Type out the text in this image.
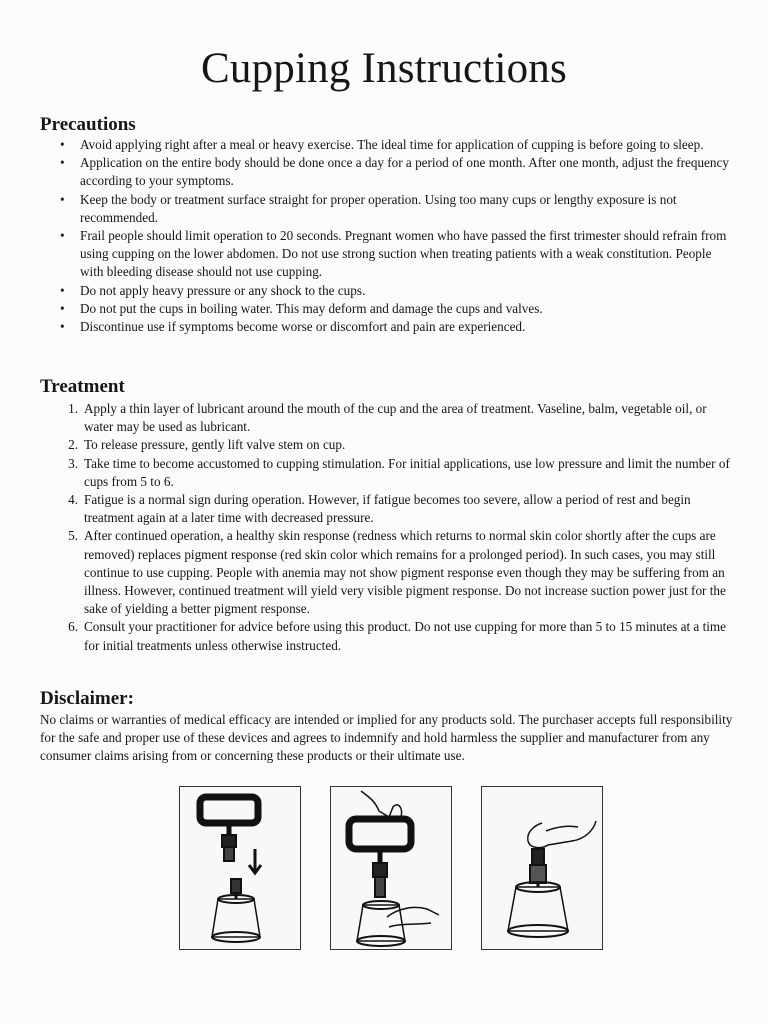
Cupping Instructions
Precautions
•	Avoid applying right after a meal or heavy exercise. The ideal time for application of cupping is before going to sleep.
•	Application on the entire body should be done once a day for a period of one month. After one month, adjust the frequency according to your symptoms.
•	Keep the body or treatment surface straight for proper operation. Using too many cups or lengthy exposure is not recommended.
•	Frail people should limit operation to 20 seconds. Pregnant women who have passed the first trimester should refrain from using cupping on the lower abdomen. Do not use strong suction when treating patients with a weak constitution. People with bleeding disease should not use cupping.
•	Do not apply heavy pressure or any shock to the cups.
•	Do not put the cups in boiling water. This may deform and damage the cups and valves.
•	Discontinue use if symptoms become worse or discomfort and pain are experienced.
Treatment
1. Apply a thin layer of lubricant around the mouth of the cup and the area of treatment. Vaseline, balm, vegetable oil, or water may be used as lubricant.
2. To release pressure, gently lift valve stem on cup.
3. Take time to become accustomed to cupping stimulation. For initial applications, use low pressure and limit the number of cups from 5 to 6.
4. Fatigue is a normal sign during operation. However, if fatigue becomes too severe, allow a period of rest and begin treatment again at a later time with decreased pressure.
5. After continued operation, a healthy skin response (redness which returns to normal skin color shortly after the cups are removed) replaces pigment response (red skin color which remains for a prolonged period). In such cases, you may still continue to use cupping. People with anemia may not show pigment response even though they may be suffering from an illness. However, continued treatment will yield very visible pigment response. Do not increase suction power just for the sake of yielding a better pigment response.
6. Consult your practitioner for advice before using this product. Do not use cupping for more than 5 to 15 minutes at a time for initial treatments unless otherwise instructed.
Disclaimer:

No claims or warranties of medical efficacy are intended or implied for any products sold. The purchaser accepts full responsibility for the safe and proper use of these devices and agrees to indemnify and hold harmless the supplier and manufacturer from any consumer claims arising from or concerning these products or their ultimate use.
